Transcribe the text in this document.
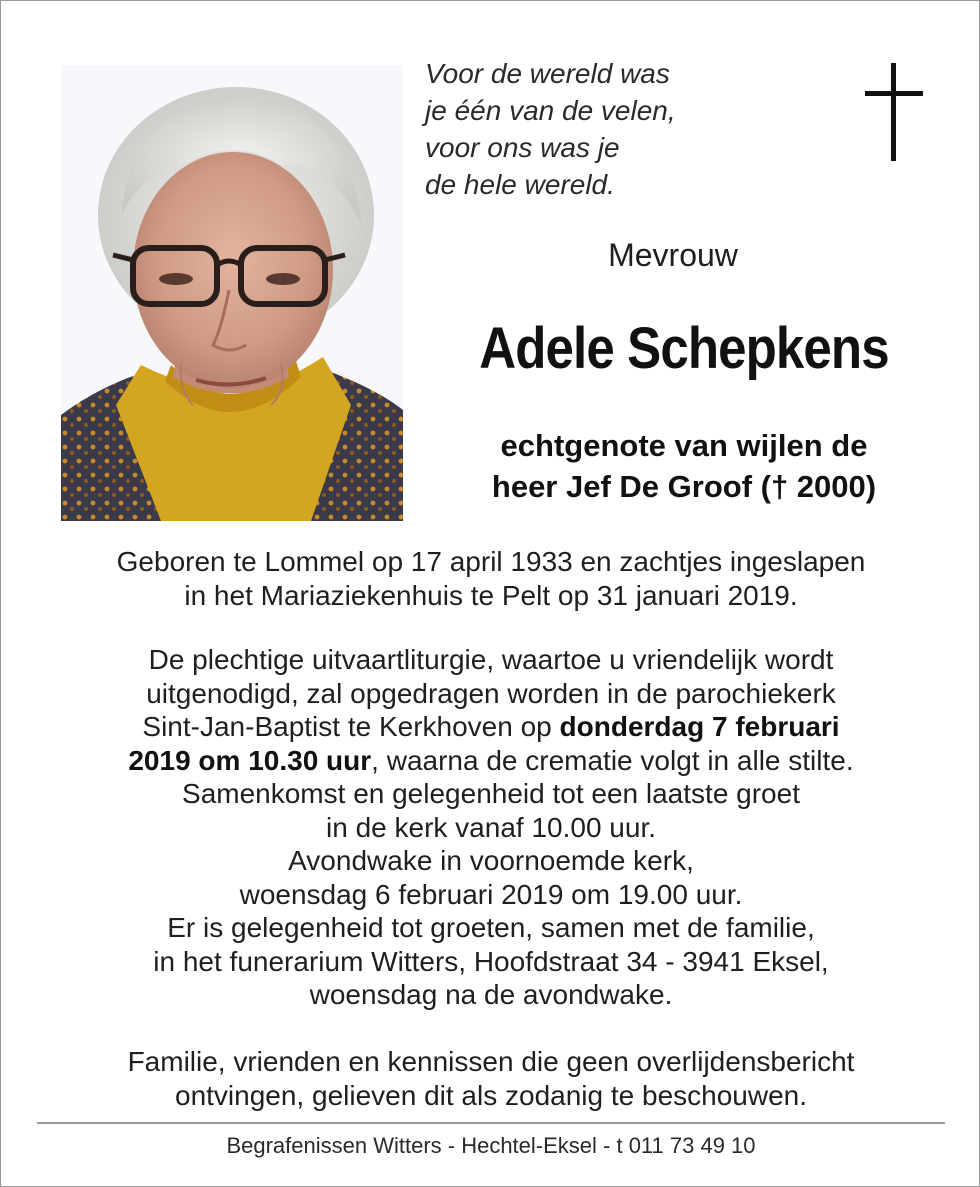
Voor de wereld was
je één van de velen,
voor ons was je
de hele wereld.
Mevrouw
Adele Schepkens
echtgenote van wijlen de
heer Jef De Groof († 2000)
Geboren te Lommel op 17 april 1933 en zachtjes ingeslapen
in het Mariaziekenhuis te Pelt op 31 januari 2019.
De plechtige uitvaartliturgie, waartoe u vriendelijk wordt
uitgenodigd, zal opgedragen worden in de parochiekerk
Sint-Jan-Baptist te Kerkhoven op donderdag 7 februari
2019 om 10.30 uur, waarna de crematie volgt in alle stilte.
Samenkomst en gelegenheid tot een laatste groet
in de kerk vanaf 10.00 uur.
Avondwake in voornoemde kerk,
woensdag 6 februari 2019 om 19.00 uur.
Er is gelegenheid tot groeten, samen met de familie,
in het funerarium Witters, Hoofdstraat 34 - 3941 Eksel,
woensdag na de avondwake.
Familie, vrienden en kennissen die geen overlijdensbericht
ontvingen, gelieven dit als zodanig te beschouwen.
Begrafenissen Witters - Hechtel-Eksel - t 011 73 49 10
